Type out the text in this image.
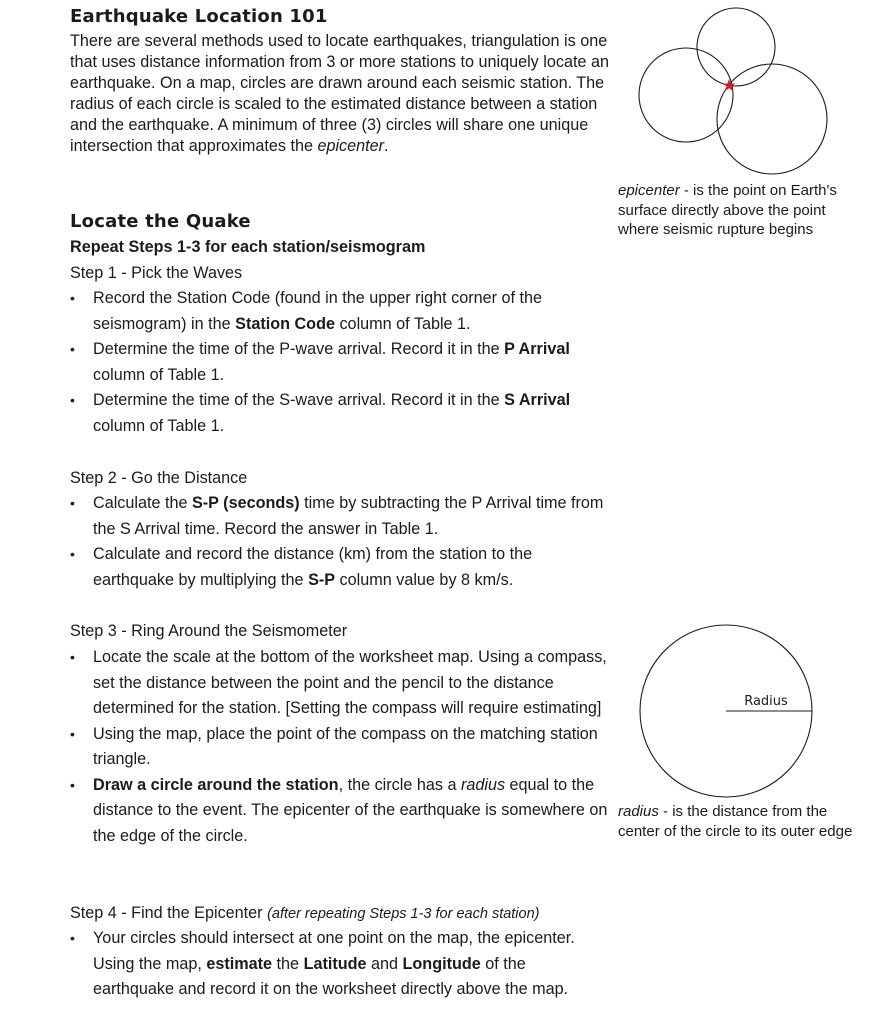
Earthquake Location 101

There are several methods used to locate earthquakes, triangulation is one that uses distance information from 3 or more stations to uniquely locate an earthquake. On a map, circles are drawn around each seismic station. The radius of each circle is scaled to the estimated distance between a station and the earthquake. A minimum of three (3) circles will share one unique intersection that approximates the epicenter.

epicenter - is the point on Earth's surface directly above the point where seismic rupture begins

Locate the Quake
Repeat Steps 1-3 for each station/seismogram
Step 1 - Pick the Waves
• Record the Station Code (found in the upper right corner of the seismogram) in the Station Code column of Table 1.
• Determine the time of the P-wave arrival. Record it in the P Arrival column of Table 1.
• Determine the time of the S-wave arrival. Record it in the S Arrival column of Table 1.
Step 2 - Go the Distance
• Calculate the S-P (seconds) time by subtracting the P Arrival time from the S Arrival time. Record the answer in Table 1.
• Calculate and record the distance (km) from the station to the earthquake by multiplying the S-P column value by 8 km/s.
Step 3 - Ring Around the Seismometer
• Locate the scale at the bottom of the worksheet map. Using a compass, set the distance between the point and the pencil to the distance determined for the station. [Setting the compass will require estimating]
• Using the map, place the point of the compass on the matching station triangle.
• Draw a circle around the station, the circle has a radius equal to the distance to the event. The epicenter of the earthquake is somewhere on the edge of the circle.
Radius

radius - is the distance from the center of the circle to its outer edge

Step 4 - Find the Epicenter (after repeating Steps 1-3 for each station)
• Your circles should intersect at one point on the map, the epicenter. Using the map, estimate the Latitude and Longitude of the earthquake and record it on the worksheet directly above the map.
